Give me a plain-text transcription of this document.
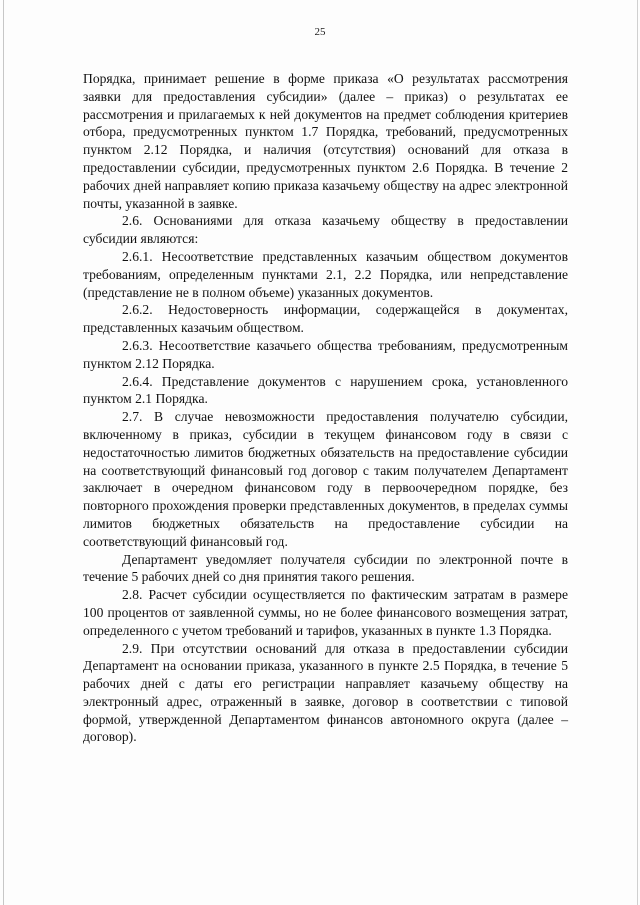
25

Порядка, принимает решение в форме приказа «О результатах рассмотрения заявки для предоставления субсидии» (далее – приказ) о результатах ее рассмотрения и прилагаемых к ней документов на предмет соблюдения критериев отбора, предусмотренных пунктом 1.7 Порядка, требований, предусмотренных пунктом 2.12 Порядка, и наличия (отсутствия) оснований для отказа в предоставлении субсидии, предусмотренных пунктом 2.6 Порядка. В течение 2 рабочих дней направляет копию приказа казачьему обществу на адрес электронной почты, указанной в заявке.

2.6. Основаниями для отказа казачьему обществу в предоставлении субсидии являются:

2.6.1. Несоответствие представленных казачьим обществом документов требованиям, определенным пунктами 2.1, 2.2 Порядка, или непредставление (представление не в полном объеме) указанных документов.

2.6.2. Недостоверность информации, содержащейся в документах, представленных казачьим обществом.

2.6.3. Несоответствие казачьего общества требованиям, предусмотренным пунктом 2.12 Порядка.

2.6.4. Представление документов с нарушением срока, установленного пунктом 2.1 Порядка.

2.7. В случае невозможности предоставления получателю субсидии, включенному в приказ, субсидии в текущем финансовом году в связи с недостаточностью лимитов бюджетных обязательств на предоставление субсидии на соответствующий финансовый год договор с таким получателем Департамент заключает в очередном финансовом году в первоочередном порядке, без повторного прохождения проверки представленных документов, в пределах суммы лимитов бюджетных обязательств на предоставление субсидии на соответствующий финансовый год.

Департамент уведомляет получателя субсидии по электронной почте в течение 5 рабочих дней со дня принятия такого решения.

2.8. Расчет субсидии осуществляется по фактическим затратам в размере 100 процентов от заявленной суммы, но не более финансового возмещения затрат, определенного с учетом требований и тарифов, указанных в пункте 1.3 Порядка.

2.9. При отсутствии оснований для отказа в предоставлении субсидии Департамент на основании приказа, указанного в пункте 2.5 Порядка, в течение 5 рабочих дней с даты его регистрации направляет казачьему обществу на электронный адрес, отраженный в заявке, договор в соответствии с типовой формой, утвержденной Департаментом финансов автономного округа (далее – договор).
